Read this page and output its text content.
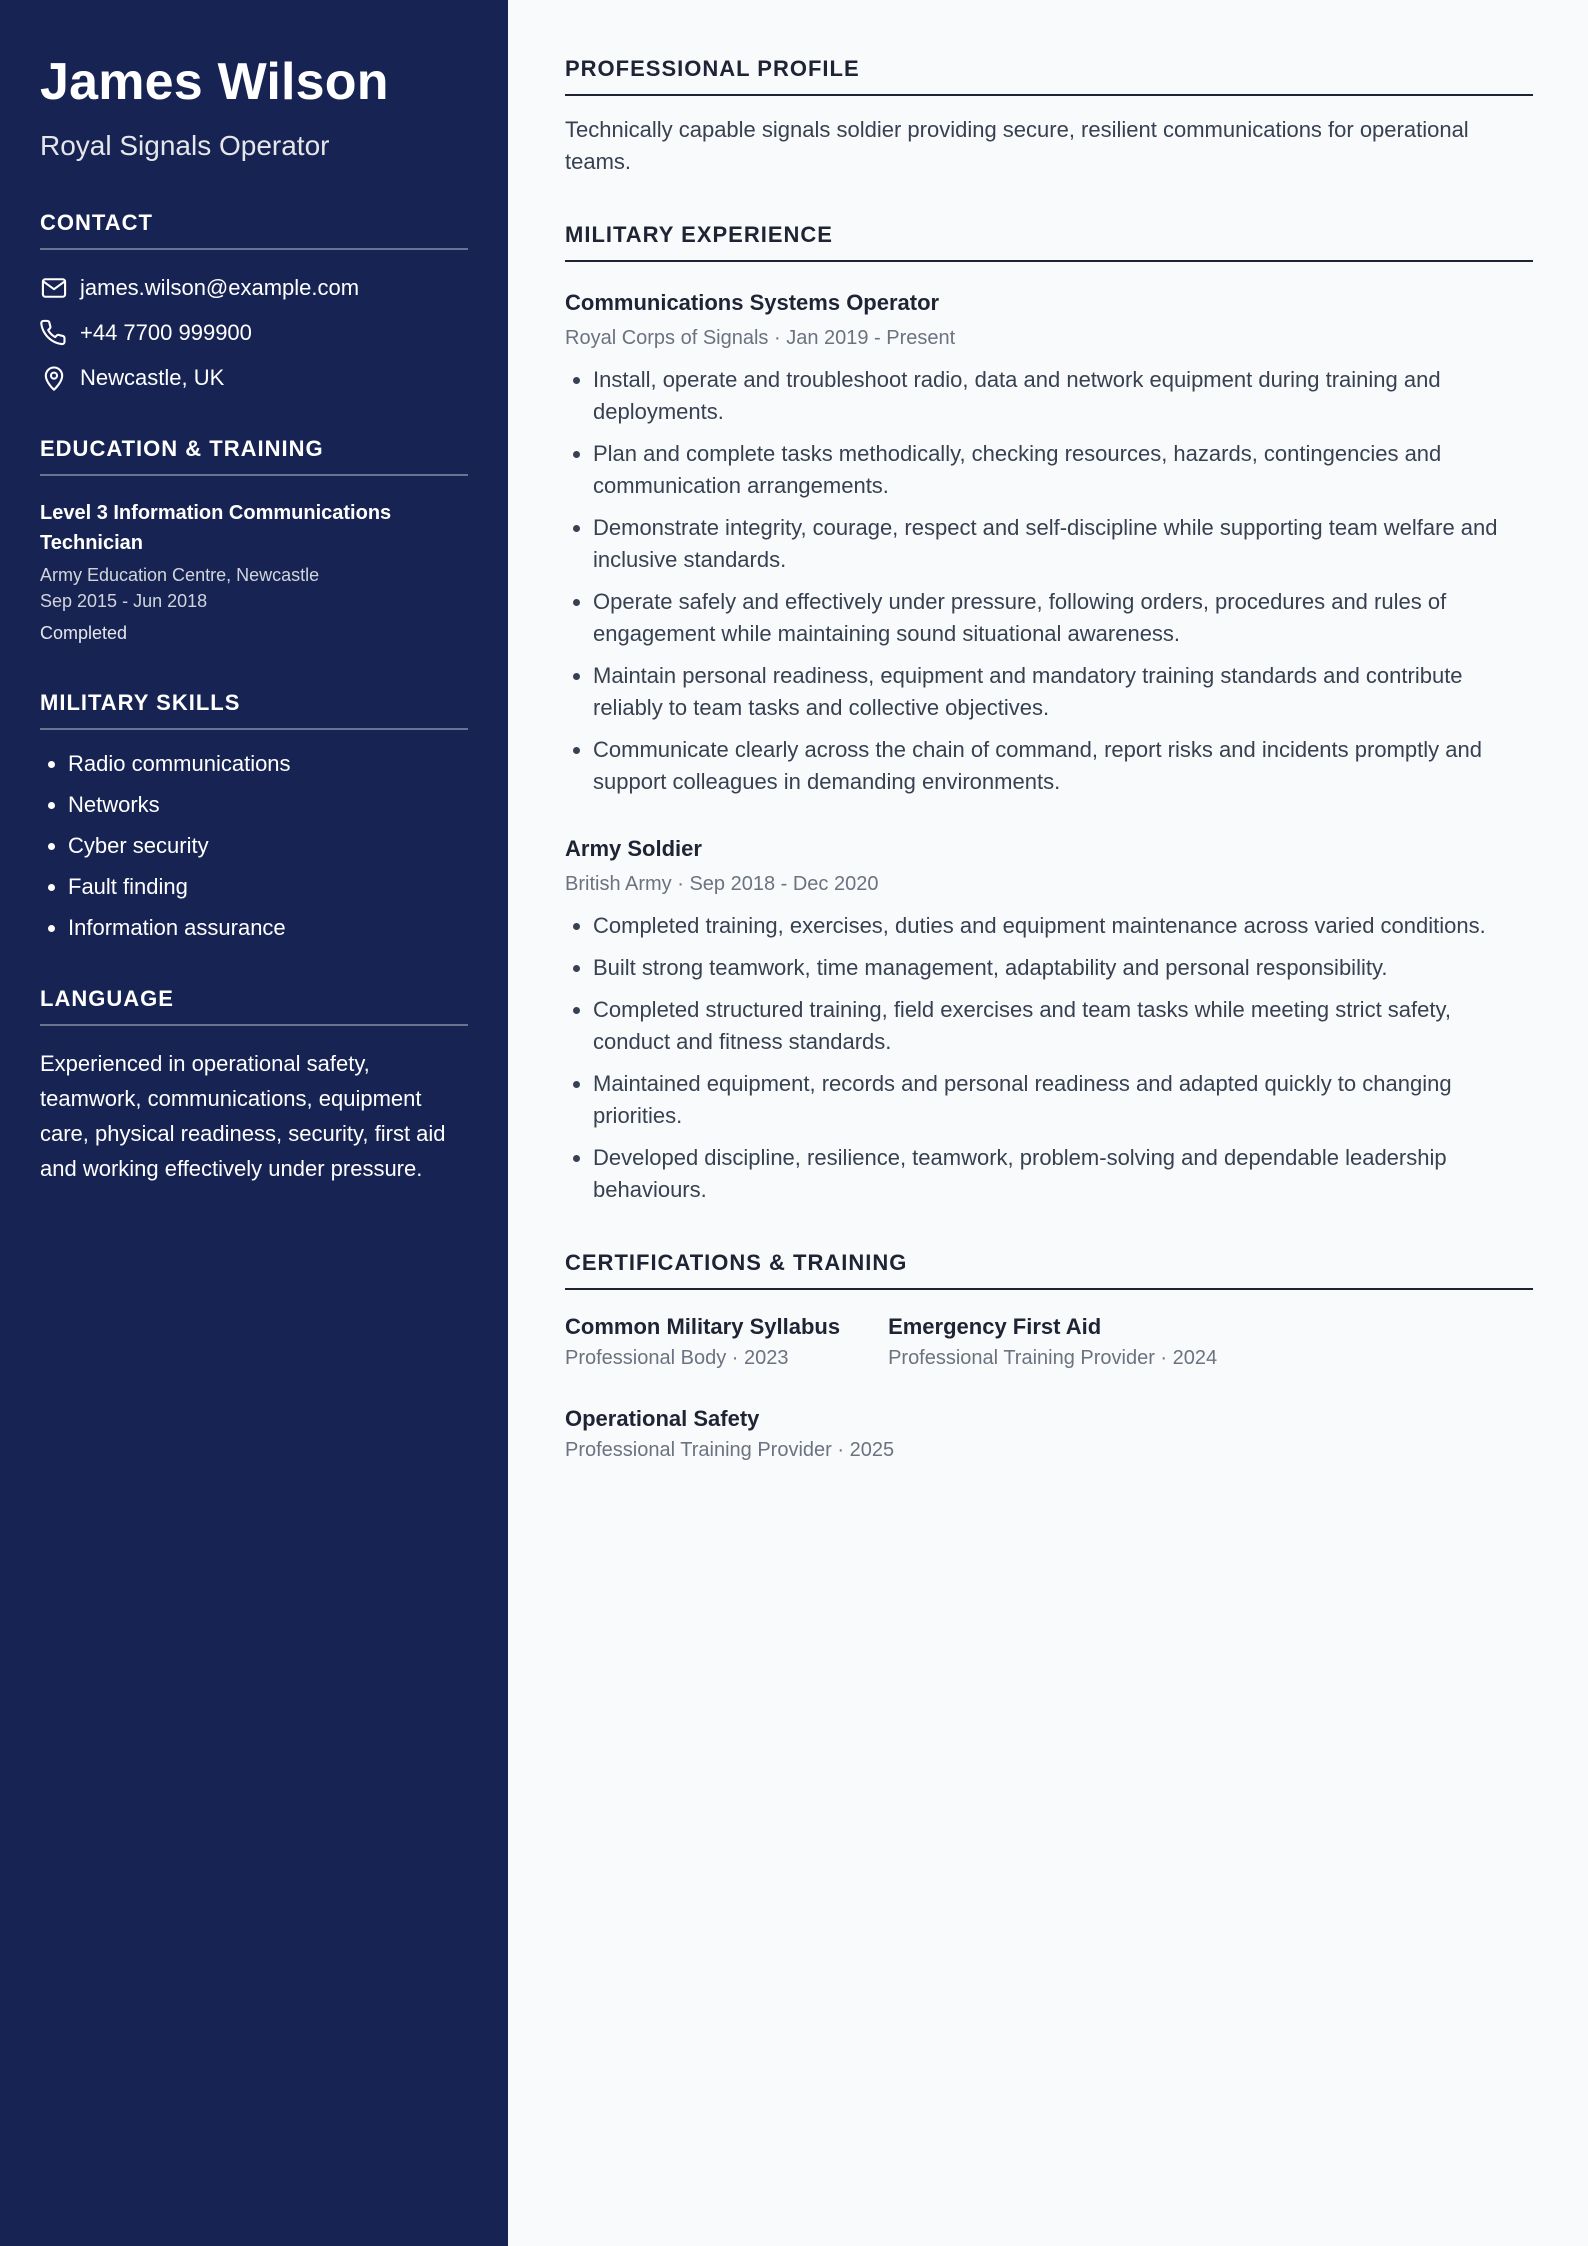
James Wilson
Royal Signals Operator
CONTACT
james.wilson@example.com
+44 7700 999900
Newcastle, UK
EDUCATION & TRAINING
Level 3 Information Communications Technician
Army Education Centre, Newcastle
Sep 2015 - Jun 2018
Completed
MILITARY SKILLS
• Radio communications
• Networks
• Cyber security
• Fault finding
• Information assurance
LANGUAGE

Experienced in operational safety, teamwork, communications, equipment care, physical readiness, security, first aid and working effectively under pressure.

PROFESSIONAL PROFILE

Technically capable signals soldier providing secure, resilient communications for operational teams.

MILITARY EXPERIENCE
Communications Systems Operator
Royal Corps of Signals · Jan 2019 - Present
• Install, operate and troubleshoot radio, data and network equipment during training and deployments.
• Plan and complete tasks methodically, checking resources, hazards, contingencies and communication arrangements.
• Demonstrate integrity, courage, respect and self-discipline while supporting team welfare and inclusive standards.
• Operate safely and effectively under pressure, following orders, procedures and rules of engagement while maintaining sound situational awareness.
• Maintain personal readiness, equipment and mandatory training standards and contribute reliably to team tasks and collective objectives.
• Communicate clearly across the chain of command, report risks and incidents promptly and support colleagues in demanding environments.
Army Soldier
British Army · Sep 2018 - Dec 2020
• Completed training, exercises, duties and equipment maintenance across varied conditions.
• Built strong teamwork, time management, adaptability and personal responsibility.
• Completed structured training, field exercises and team tasks while meeting strict safety, conduct and fitness standards.
• Maintained equipment, records and personal readiness and adapted quickly to changing priorities.
• Developed discipline, resilience, teamwork, problem-solving and dependable leadership behaviours.
CERTIFICATIONS & TRAINING
Common Military Syllabus
Professional Body · 2023
Emergency First Aid
Professional Training Provider · 2024
Operational Safety
Professional Training Provider · 2025
